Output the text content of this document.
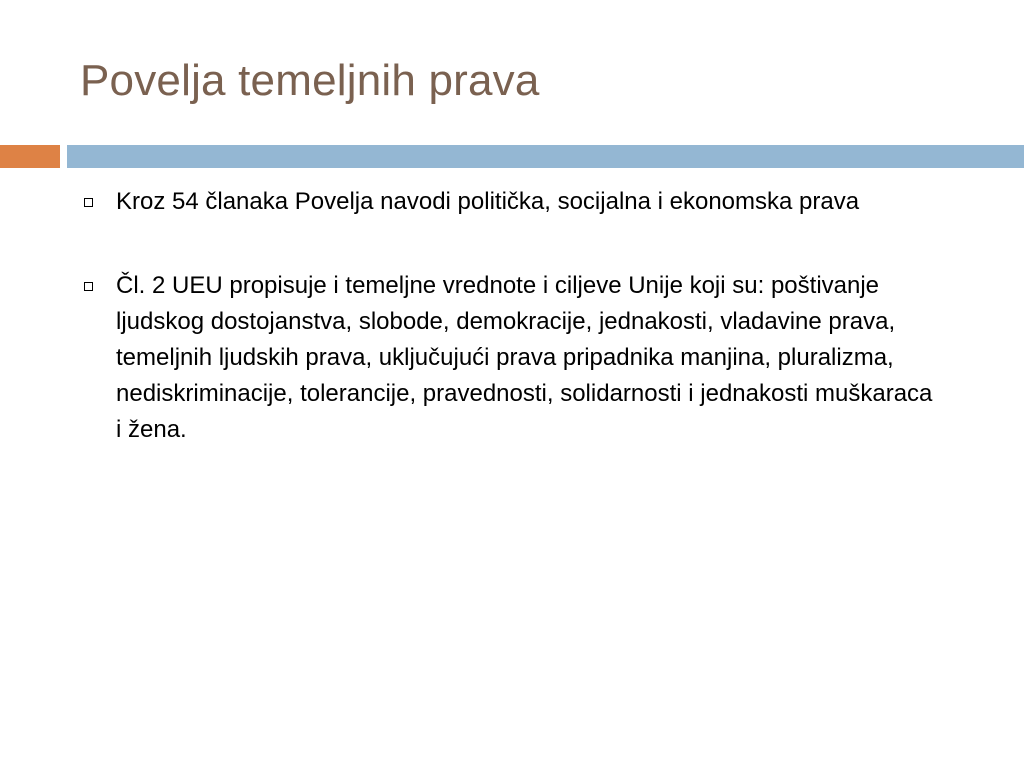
Povelja temeljnih prava
Kroz 54 članaka Povelja navodi politička, socijalna i ekonomska prava
Čl. 2 UEU propisuje i temeljne vrednote i ciljeve Unije koji su: poštivanje ljudskog dostojanstva, slobode, demokracije, jednakosti, vladavine prava, temeljnih ljudskih prava, uključujući prava pripadnika manjina, pluralizma, nediskriminacije, tolerancije, pravednosti, solidarnosti i jednakosti muškaraca i žena.
